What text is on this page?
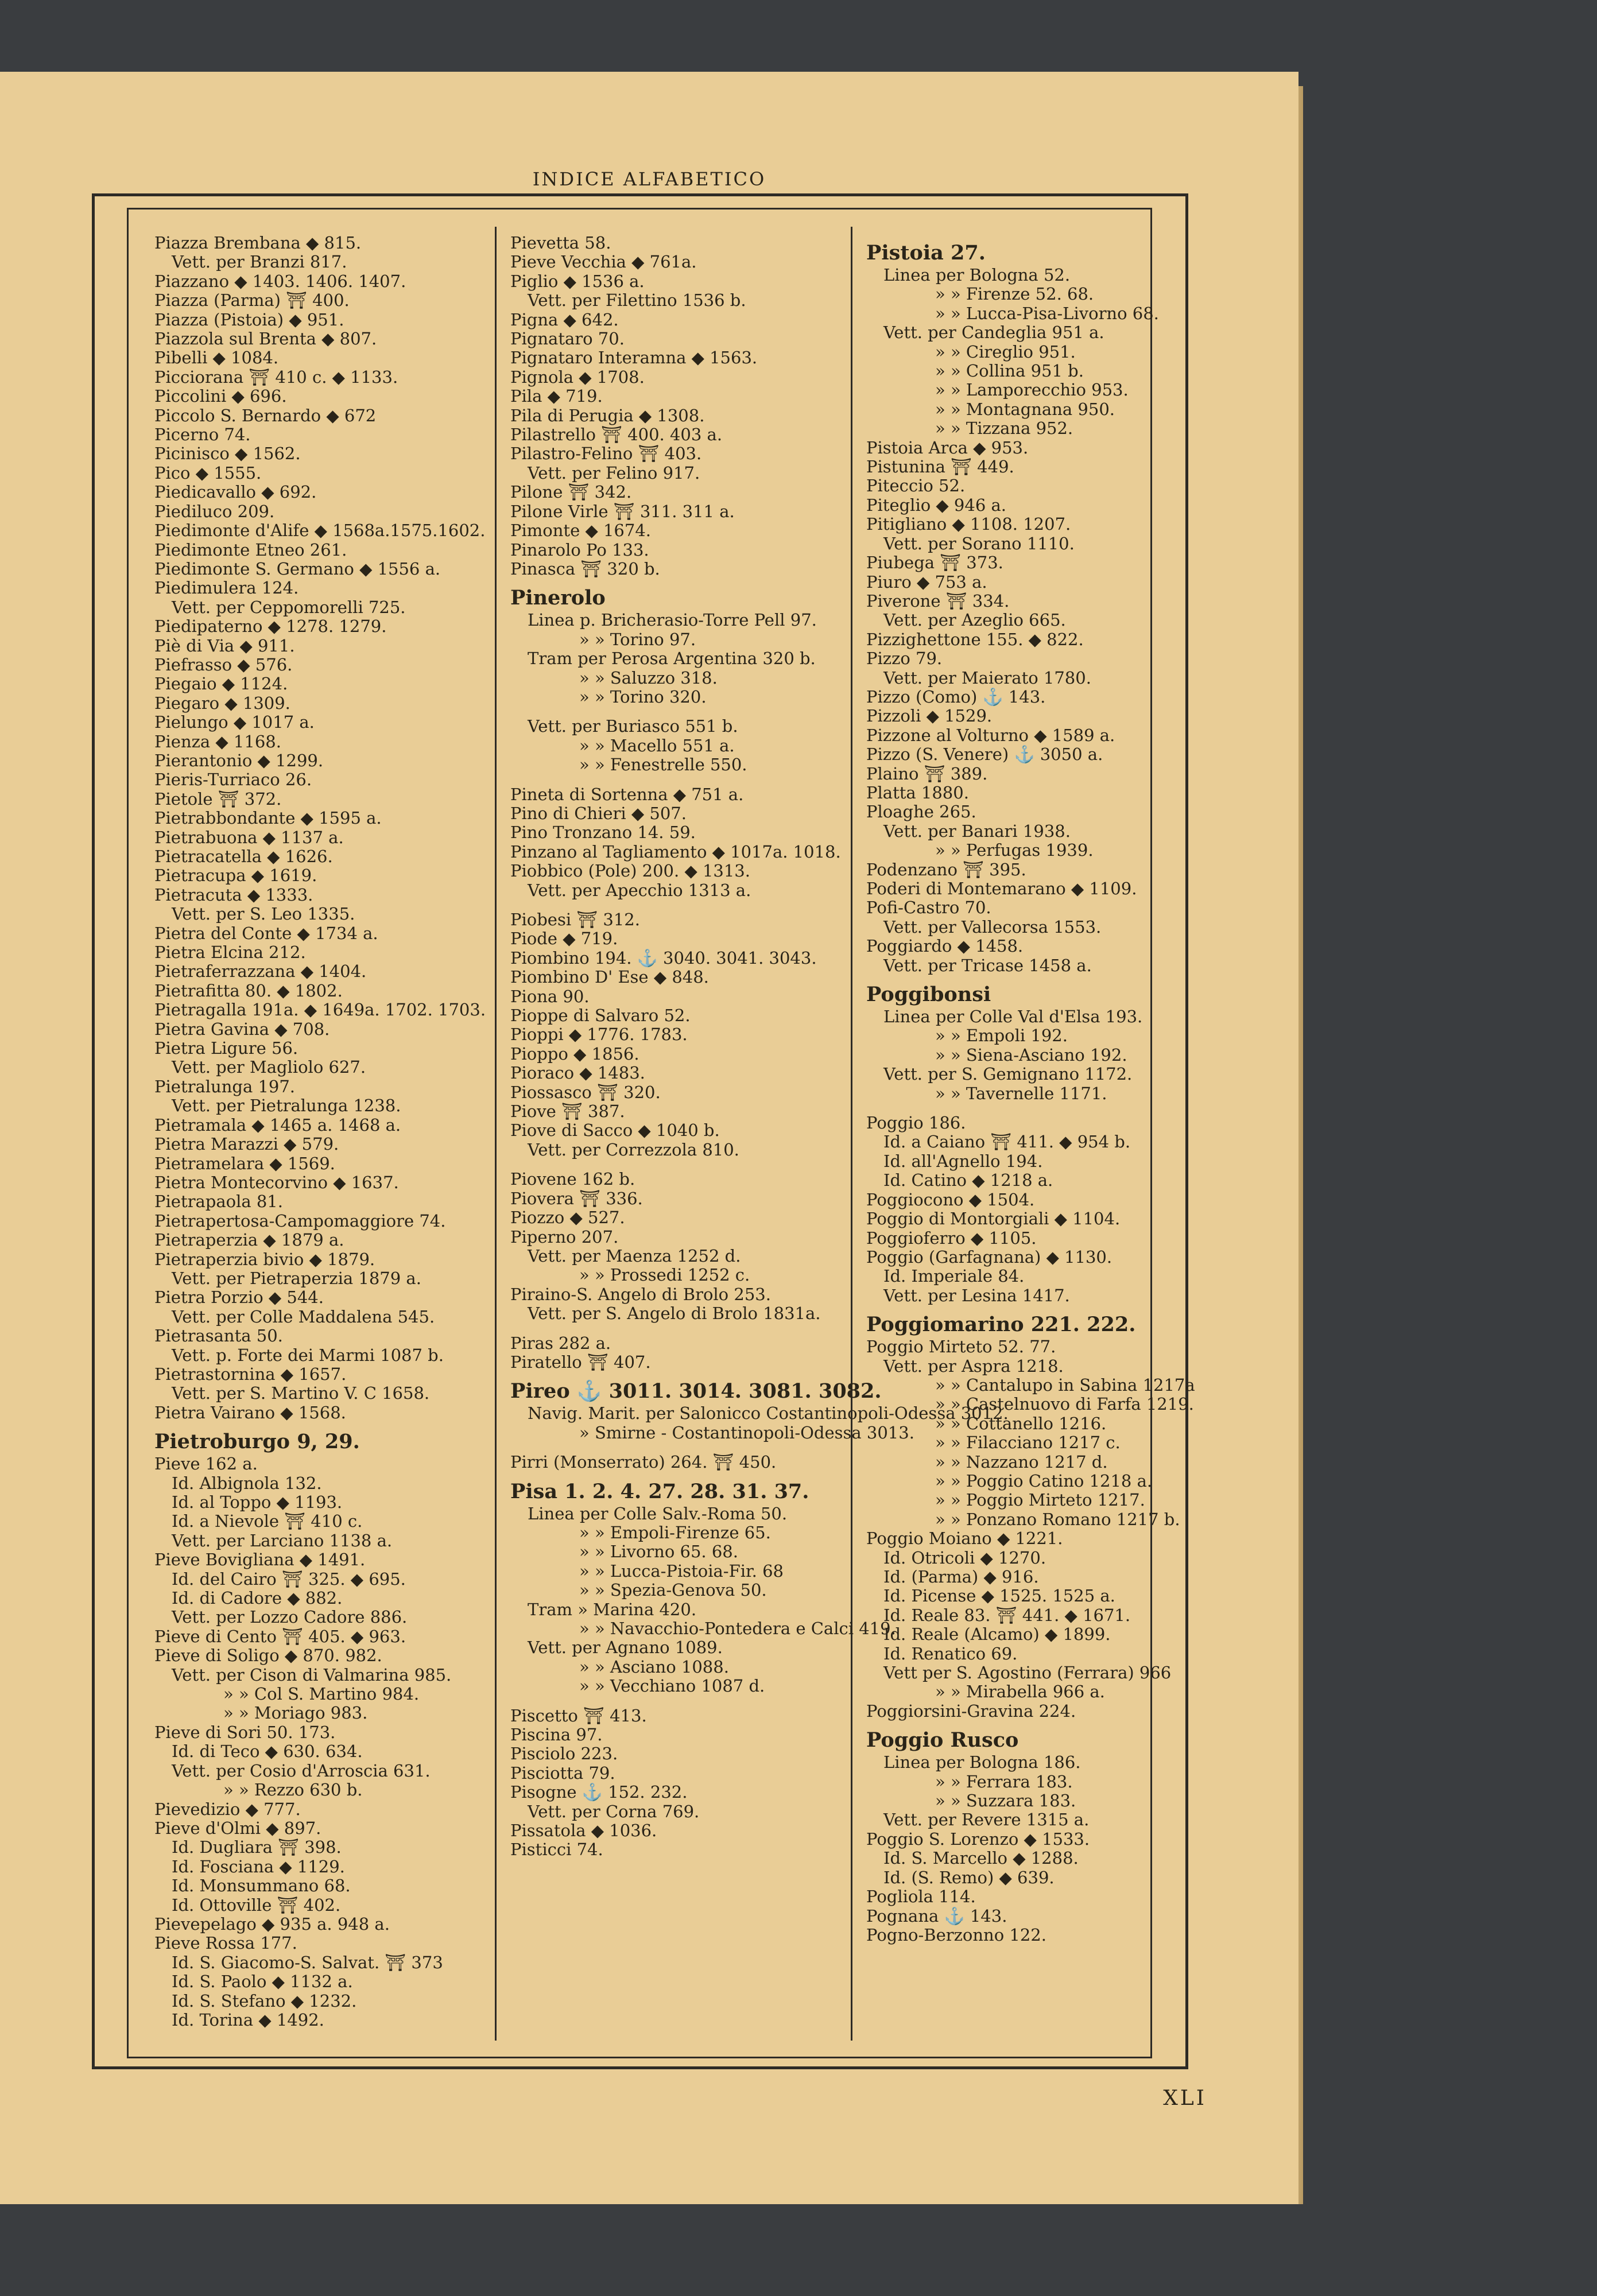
INDICE ALFABETICO
Piazza Brembana ◆ 815.
Vett. per Branzi 817.
Piazzano ◆ 1403. 1406. 1407.
Piazza (Parma) ⛩ 400.
Piazza (Pistoia) ◆ 951.
Piazzola sul Brenta ◆ 807.
Pibelli ◆ 1084.
Picciorana ⛩ 410 c. ◆ 1133.
Piccolini ◆ 696.
Piccolo S. Bernardo ◆ 672
Picerno 74.
Picinisco ◆ 1562.
Pico ◆ 1555.
Piedicavallo ◆ 692.
Piediluco 209.
Piedimonte d'Alife ◆ 1568a.1575.1602.
Piedimonte Etneo 261.
Piedimonte S. Germano ◆ 1556 a.
Piedimulera 124.
Vett. per Ceppomorelli 725.
Piedipaterno ◆ 1278. 1279.
Piè di Via ◆ 911.
Piefrasso ◆ 576.
Piegaio ◆ 1124.
Piegaro ◆ 1309.
Pielungo ◆ 1017 a.
Pienza ◆ 1168.
Pierantonio ◆ 1299.
Pieris-Turriaco 26.
Pietole ⛩ 372.
Pietrabbondante ◆ 1595 a.
Pietrabuona ◆ 1137 a.
Pietracatella ◆ 1626.
Pietracupa ◆ 1619.
Pietracuta ◆ 1333.
Vett. per S. Leo 1335.
Pietra del Conte ◆ 1734 a.
Pietra Elcina 212.
Pietraferrazzana ◆ 1404.
Pietrafitta 80. ◆ 1802.
Pietragalla 191a. ◆ 1649a. 1702. 1703.
Pietra Gavina ◆ 708.
Pietra Ligure 56.
Vett. per Magliolo 627.
Pietralunga 197.
Vett. per Pietralunga 1238.
Pietramala ◆ 1465 a. 1468 a.
Pietra Marazzi ◆ 579.
Pietramelara ◆ 1569.
Pietra Montecorvino ◆ 1637.
Pietrapaola 81.
Pietrapertosa-Campomaggiore 74.
Pietraperzia ◆ 1879 a.
Pietraperzia bivio ◆ 1879.
Vett. per Pietraperzia 1879 a.
Pietra Porzio ◆ 544.
Vett. per Colle Maddalena 545.
Pietrasanta 50.
Vett. p. Forte dei Marmi 1087 b.
Pietrastornina ◆ 1657.
Vett. per S. Martino V. C 1658.
Pietra Vairano ◆ 1568.
Pietroburgo 9, 29.
Pieve 162 a.
Id. Albignola 132.
Id. al Toppo ◆ 1193.
Id. a Nievole ⛩ 410 c.
Vett. per Larciano 1138 a.
Pieve Bovigliana ◆ 1491.
Id. del Cairo ⛩ 325. ◆ 695.
Id. di Cadore ◆ 882.
Vett. per Lozzo Cadore 886.
Pieve di Cento ⛩ 405. ◆ 963.
Pieve di Soligo ◆ 870. 982.
Vett. per Cison di Valmarina 985.
» » Col S. Martino 984.
» » Moriago 983.
Pieve di Sori 50. 173.
Id. di Teco ◆ 630. 634.
Vett. per Cosio d'Arroscia 631.
» » Rezzo 630 b.
Pievedizio ◆ 777.
Pieve d'Olmi ◆ 897.
Id. Dugliara ⛩ 398.
Id. Fosciana ◆ 1129.
Id. Monsummano 68.
Id. Ottoville ⛩ 402.
Pievepelago ◆ 935 a. 948 a.
Pieve Rossa 177.
Id. S. Giacomo-S. Salvat. ⛩ 373
Id. S. Paolo ◆ 1132 a.
Id. S. Stefano ◆ 1232.
Id. Torina ◆ 1492.
Pievetta 58.
Pieve Vecchia ◆ 761a.
Piglio ◆ 1536 a.
Vett. per Filettino 1536 b.
Pigna ◆ 642.
Pignataro 70.
Pignataro Interamna ◆ 1563.
Pignola ◆ 1708.
Pila ◆ 719.
Pila di Perugia ◆ 1308.
Pilastrello ⛩ 400. 403 a.
Pilastro-Felino ⛩ 403.
Vett. per Felino 917.
Pilone ⛩ 342.
Pilone Virle ⛩ 311. 311 a.
Pimonte ◆ 1674.
Pinarolo Po 133.
Pinasca ⛩ 320 b.
Pinerolo
Linea p. Bricherasio-Torre Pell 97.
» » Torino 97.
Tram per Perosa Argentina 320 b.
» » Saluzzo 318.
» » Torino 320.
Vett. per Buriasco 551 b.
» » Macello 551 a.
» » Fenestrelle 550.
Pineta di Sortenna ◆ 751 a.
Pino di Chieri ◆ 507.
Pino Tronzano 14. 59.
Pinzano al Tagliamento ◆ 1017a. 1018.
Piobbico (Pole) 200. ◆ 1313.
Vett. per Apecchio 1313 a.
Piobesi ⛩ 312.
Piode ◆ 719.
Piombino 194. ⚓ 3040. 3041. 3043.
Piombino D' Ese ◆ 848.
Piona 90.
Pioppe di Salvaro 52.
Pioppi ◆ 1776. 1783.
Pioppo ◆ 1856.
Pioraco ◆ 1483.
Piossasco ⛩ 320.
Piove ⛩ 387.
Piove di Sacco ◆ 1040 b.
Vett. per Correzzola 810.
Piovene 162 b.
Piovera ⛩ 336.
Piozzo ◆ 527.
Piperno 207.
Vett. per Maenza 1252 d.
» » Prossedi 1252 c.
Piraino-S. Angelo di Brolo 253.
Vett. per S. Angelo di Brolo 1831a.
Piras 282 a.
Piratello ⛩ 407.
Pireo ⚓ 3011. 3014. 3081. 3082.
Navig. Marit. per Salonicco Costantinopoli-Odessa 3012.
» Smirne - Costantinopoli-Odessa 3013.
Pirri (Monserrato) 264. ⛩ 450.
Pisa 1. 2. 4. 27. 28. 31. 37.
Linea per Colle Salv.-Roma 50.
» » Empoli-Firenze 65.
» » Livorno 65. 68.
» » Lucca-Pistoia-Fir. 68
» » Spezia-Genova 50.
Tram » Marina 420.
» » Navacchio-Pontedera e Calci 419.
Vett. per Agnano 1089.
» » Asciano 1088.
» » Vecchiano 1087 d.
Piscetto ⛩ 413.
Piscina 97.
Pisciolo 223.
Pisciotta 79.
Pisogne ⚓ 152. 232.
Vett. per Corna 769.
Pissatola ◆ 1036.
Pisticci 74.
Pistoia 27.
Linea per Bologna 52.
» » Firenze 52. 68.
» » Lucca-Pisa-Livorno 68.
Vett. per Candeglia 951 a.
» » Cireglio 951.
» » Collina 951 b.
» » Lamporecchio 953.
» » Montagnana 950.
» » Tizzana 952.
Pistoia Arca ◆ 953.
Pistunina ⛩ 449.
Piteccio 52.
Piteglio ◆ 946 a.
Pitigliano ◆ 1108. 1207.
Vett. per Sorano 1110.
Piubega ⛩ 373.
Piuro ◆ 753 a.
Piverone ⛩ 334.
Vett. per Azeglio 665.
Pizzighettone 155. ◆ 822.
Pizzo 79.
Vett. per Maierato 1780.
Pizzo (Como) ⚓ 143.
Pizzoli ◆ 1529.
Pizzone al Volturno ◆ 1589 a.
Pizzo (S. Venere) ⚓ 3050 a.
Plaino ⛩ 389.
Platta 1880.
Ploaghe 265.
Vett. per Banari 1938.
» » Perfugas 1939.
Podenzano ⛩ 395.
Poderi di Montemarano ◆ 1109.
Pofi-Castro 70.
Vett. per Vallecorsa 1553.
Poggiardo ◆ 1458.
Vett. per Tricase 1458 a.
Poggibonsi
Linea per Colle Val d'Elsa 193.
» » Empoli 192.
» » Siena-Asciano 192.
Vett. per S. Gemignano 1172.
» » Tavernelle 1171.
Poggio 186.
Id. a Caiano ⛩ 411. ◆ 954 b.
Id. all'Agnello 194.
Id. Catino ◆ 1218 a.
Poggiocono ◆ 1504.
Poggio di Montorgiali ◆ 1104.
Poggioferro ◆ 1105.
Poggio (Garfagnana) ◆ 1130.
Id. Imperiale 84.
Vett. per Lesina 1417.
Poggiomarino 221. 222.
Poggio Mirteto 52. 77.
Vett. per Aspra 1218.
» » Cantalupo in Sabina 1217a
» » Castelnuovo di Farfa 1219.
» » Cottanello 1216.
» » Filacciano 1217 c.
» » Nazzano 1217 d.
» » Poggio Catino 1218 a.
» » Poggio Mirteto 1217.
» » Ponzano Romano 1217 b.
Poggio Moiano ◆ 1221.
Id. Otricoli ◆ 1270.
Id. (Parma) ◆ 916.
Id. Picense ◆ 1525. 1525 a.
Id. Reale 83. ⛩ 441. ◆ 1671.
Id. Reale (Alcamo) ◆ 1899.
Id. Renatico 69.
Vett per S. Agostino (Ferrara) 966
» » Mirabella 966 a.
Poggiorsini-Gravina 224.
Poggio Rusco
Linea per Bologna 186.
» » Ferrara 183.
» » Suzzara 183.
Vett. per Revere 1315 a.
Poggio S. Lorenzo ◆ 1533.
Id. S. Marcello ◆ 1288.
Id. (S. Remo) ◆ 639.
Pogliola 114.
Pognana ⚓ 143.
Pogno-Berzonno 122.
XLI
